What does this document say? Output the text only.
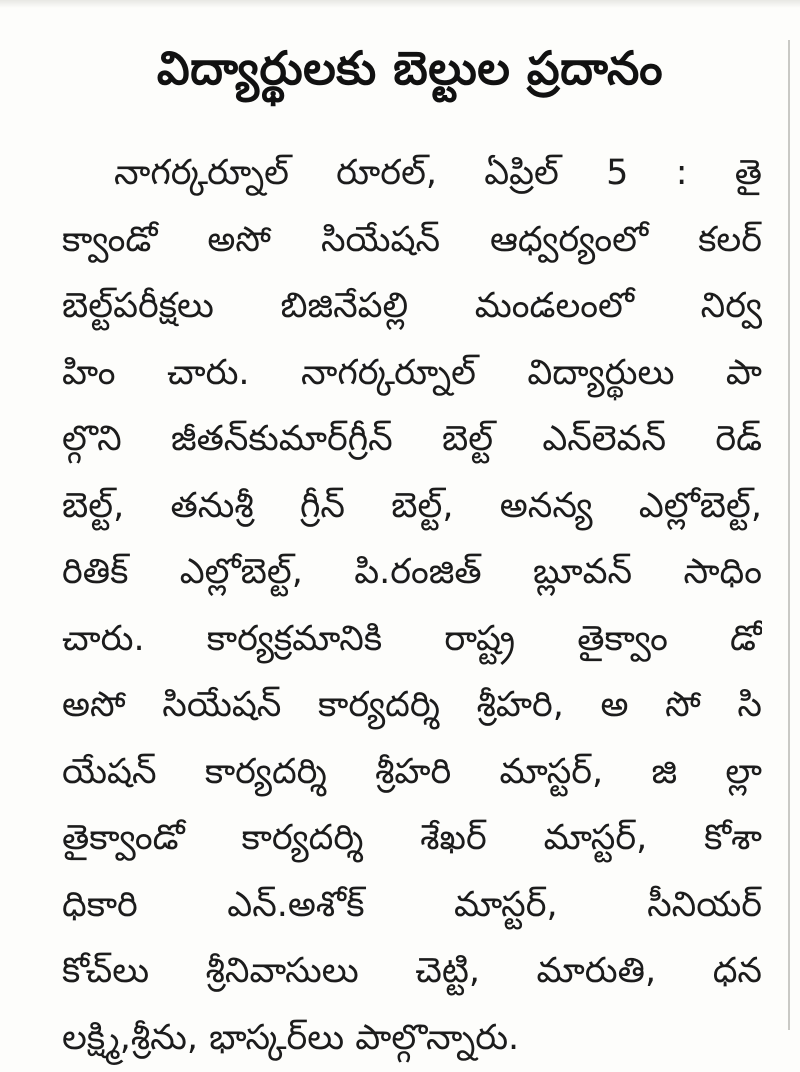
విద్యార్థులకు బెల్టుల ప్రదానం
నాగర్కర్నూల్ రూరల్, ఏప్రిల్ 5 : తై
క్వాండో అసో సియేషన్ ఆధ్వర్యంలో కలర్
బెల్ట్‌పరీక్షలు బిజినేపల్లి మండలంలో నిర్వ
హిం చారు. నాగర్కర్నూల్ విద్యార్థులు పా
ల్గొని జీతన్‌కుమార్‌గ్రీన్ బెల్ట్ ఎన్‌లెవన్ రెడ్
బెల్ట్, తనుశ్రీ గ్రీన్ బెల్ట్, అనన్య ఎల్లోబెల్ట్,
రితిక్ ఎల్లోబెల్ట్, పి.రంజిత్ బ్లూవన్ సాధిం
చారు. కార్యక్రమానికి రాష్ట్ర తైక్వాం డో
అసో సియేషన్ కార్యదర్శి శ్రీహరి, అ సో సి
యేషన్ కార్యదర్శి శ్రీహరి మాస్టర్, జి ల్లా
తైక్వాండో కార్యదర్శి శేఖర్ మాస్టర్, కోశా
ధికారి ఎన్.అశోక్ మాస్టర్, సీనియర్
కోచ్‌లు శ్రీనివాసులు చెట్టి, మారుతి, ధన
లక్ష్మి,శ్రీను, భాస్కర్‌లు పాల్గొన్నారు.
